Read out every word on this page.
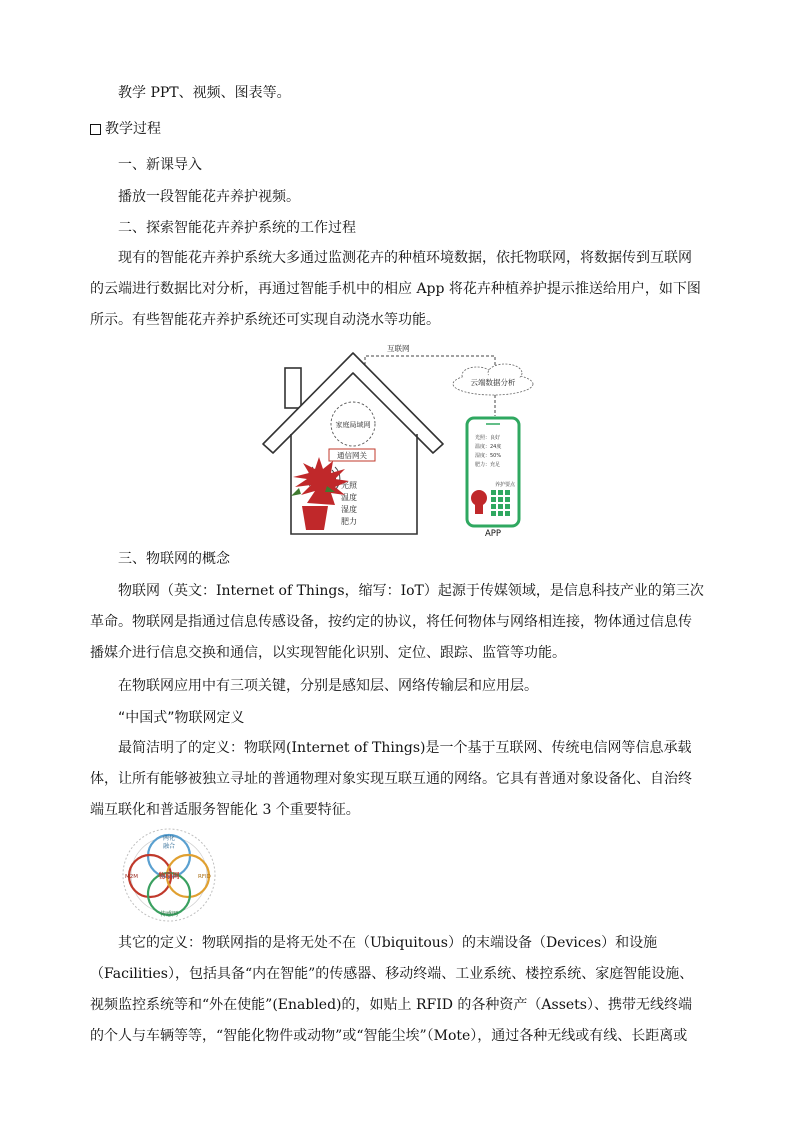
教学 PPT、视频、图表等。

教学过程

一、新课导入

播放一段智能花卉养护视频。

二、探索智能花卉养护系统的工作过程

现有的智能花卉养护系统大多通过监测花卉的种植环境数据，依托物联网，将数据传到互联网的云端进行数据比对分析，再通过智能手机中的相应 App 将花卉种植养护提示推送给用户，如下图所示。有些智能花卉养护系统还可实现自动浇水等功能。

互联网
云端数据分析
家庭局域网
通信网关
光照
温度
湿度
肥力
光照：良好
温度：24度
湿度：50%
肥力：充足
养护要点
APP

三、物联网的概念

物联网（英文：Internet of Things，缩写：IoT）起源于传媒领域，是信息科技产业的第三次革命。物联网是指通过信息传感设备，按约定的协议，将任何物体与网络相连接，物体通过信息传播媒介进行信息交换和通信，以实现智能化识别、定位、跟踪、监管等功能。

在物联网应用中有三项关键，分别是感知层、网络传输层和应用层。

“中国式”物联网定义

最简洁明了的定义：物联网(Internet of Things)是一个基于互联网、传统电信网等信息承载体，让所有能够被独立寻址的普通物理对象实现互联互通的网络。它具有普通对象设备化、自治终端互联化和普适服务智能化 3 个重要特征。

两化
融合
M2M	RFID
物联网
传感网

其它的定义：物联网指的是将无处不在（Ubiquitous）的末端设备（Devices）和设施（Facilities），包括具备“内在智能”的传感器、移动终端、工业系统、楼控系统、家庭智能设施、视频监控系统等和“外在使能”(Enabled)的，如贴上 RFID 的各种资产（Assets）、携带无线终端的个人与车辆等等，“智能化物件或动物”或“智能尘埃”（Mote），通过各种无线或有线、长距离或
